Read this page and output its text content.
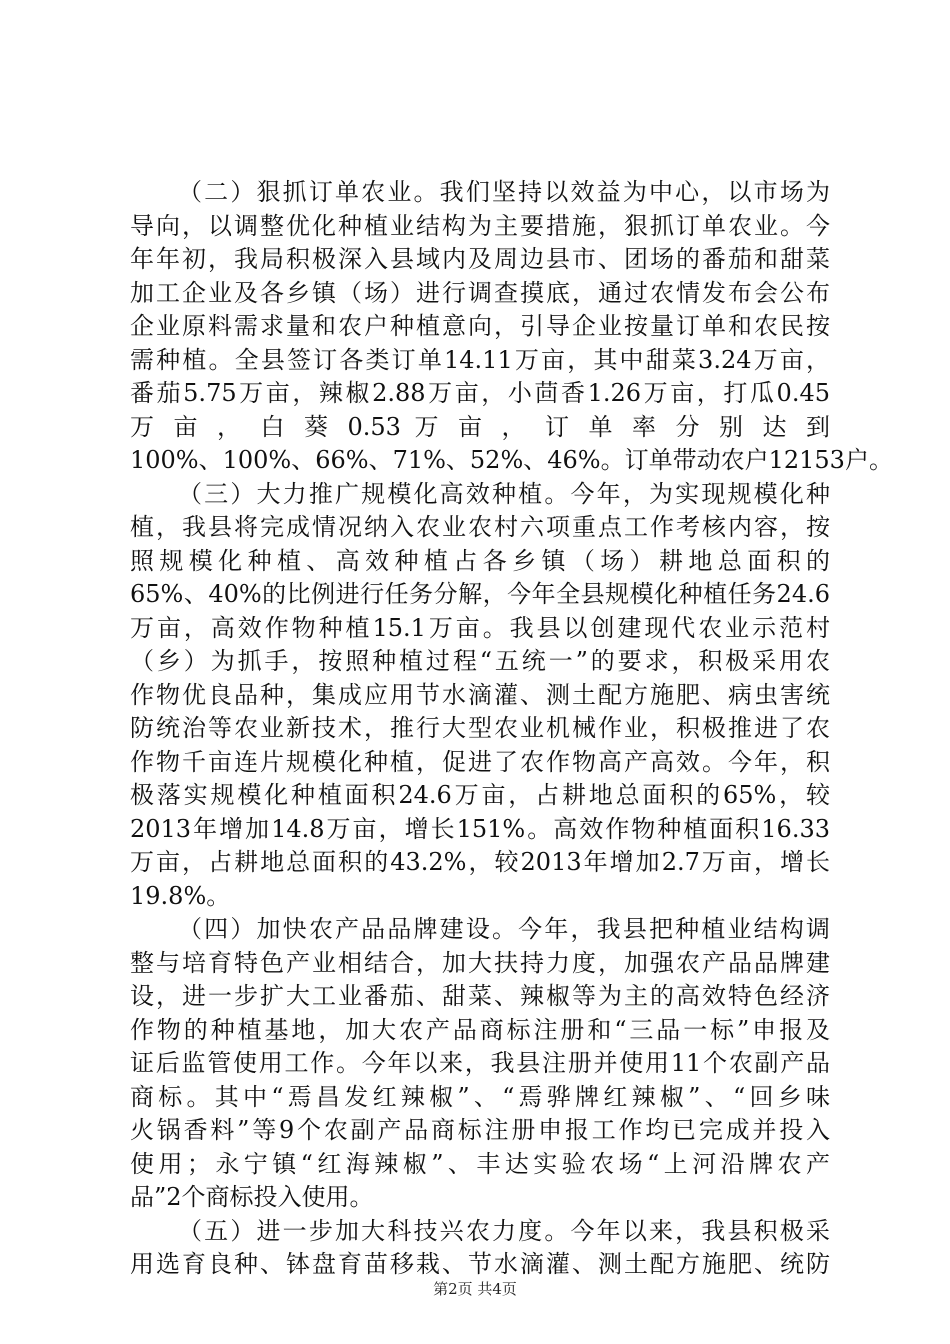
（二）狠抓订单农业。我们坚持以效益为中心，以市场为
导向，以调整优化种植业结构为主要措施，狠抓订单农业。今
年年初，我局积极深入县域内及周边县市、团场的番茄和甜菜
加工企业及各乡镇（场）进行调查摸底，通过农情发布会公布
企业原料需求量和农户种植意向，引导企业按量订单和农民按
需种植。全县签订各类订单14.11万亩，其中甜菜3.24万亩，
番茄5.75万亩，辣椒2.88万亩，小茴香1.26万亩，打瓜0.45
万 亩 ， 白 葵 0.53 万 亩 ， 订 单 率 分 别 达 到
100%、100%、66%、71%、52%、46%。订单带动农户12153户。
（三）大力推广规模化高效种植。今年，为实现规模化种
植，我县将完成情况纳入农业农村六项重点工作考核内容，按
照规模化种植、高效种植占各乡镇（场）耕地总面积的
65%、40%的比例进行任务分解，今年全县规模化种植任务24.6
万亩，高效作物种植15.1万亩。我县以创建现代农业示范村
（乡）为抓手，按照种植过程“五统一”的要求，积极采用农
作物优良品种，集成应用节水滴灌、测土配方施肥、病虫害统
防统治等农业新技术，推行大型农业机械作业，积极推进了农
作物千亩连片规模化种植，促进了农作物高产高效。今年，积
极落实规模化种植面积24.6万亩，占耕地总面积的65%，较
2013年增加14.8万亩，增长151%。高效作物种植面积16.33
万亩，占耕地总面积的43.2%，较2013年增加2.7万亩，增长
19.8%。
（四）加快农产品品牌建设。今年，我县把种植业结构调
整与培育特色产业相结合，加大扶持力度，加强农产品品牌建
设，进一步扩大工业番茄、甜菜、辣椒等为主的高效特色经济
作物的种植基地，加大农产品商标注册和“三品一标”申报及
证后监管使用工作。今年以来，我县注册并使用11个农副产品
商标。其中“焉昌发红辣椒”、“焉骅牌红辣椒”、“回乡味
火锅香料”等9个农副产品商标注册申报工作均已完成并投入
使用；永宁镇“红海辣椒”、丰达实验农场“上河沿牌农产
品”2个商标投入使用。
（五）进一步加大科技兴农力度。今年以来，我县积极采
用选育良种、钵盘育苗移栽、节水滴灌、测土配方施肥、统防
第2页 共4页
